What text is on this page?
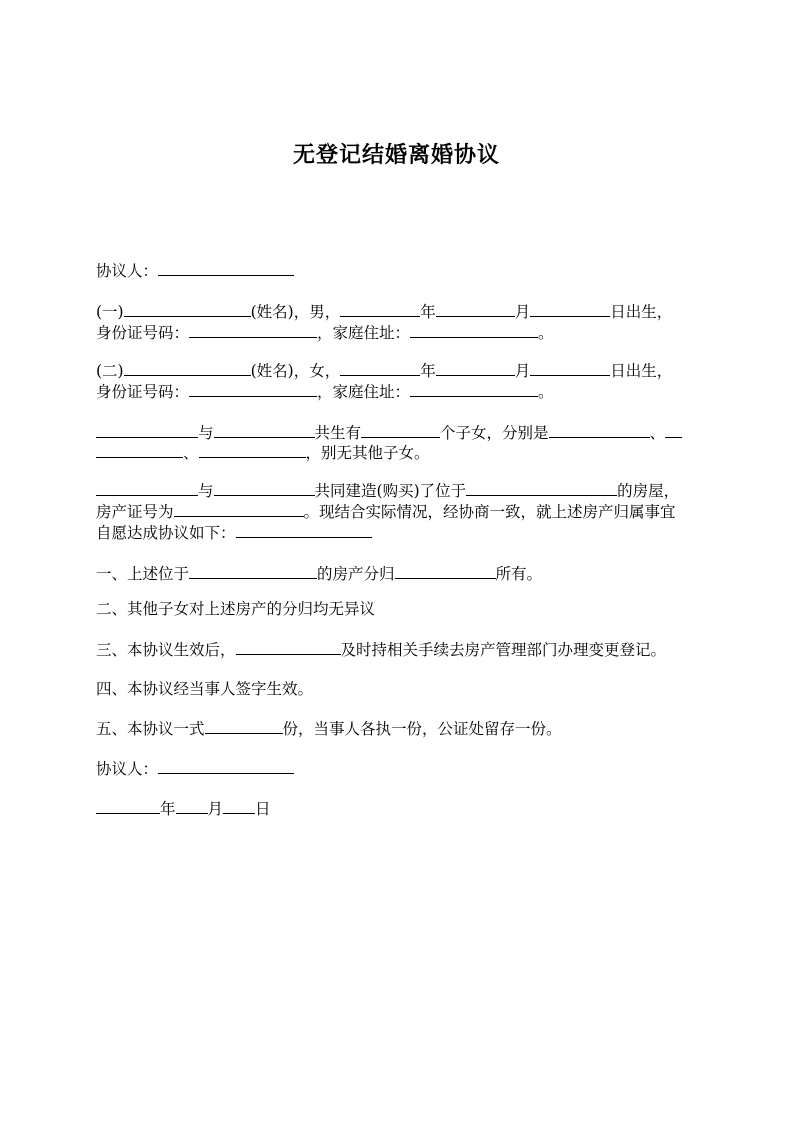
无登记结婚离婚协议
协议人：
(一)	(姓名)，男，	年	月	日出生，
身份证号码：	，家庭住址：	。
(二)	(姓名)，女，	年	月	日出生，
身份证号码：	，家庭住址：	。
与	共生有	个子女，分别是	、
、	，别无其他子女。
与	共同建造(购买)了位于	的房屋，
房产证号为	。现结合实际情况，经协商一致，就上述房产归属事宜
自愿达成协议如下：
一、上述位于	的房产分归	所有。
二、其他子女对上述房产的分归均无异议
三、本协议生效后，	及时持相关手续去房产管理部门办理变更登记。
四、本协议经当事人签字生效。
五、本协议一式	份，当事人各执一份，公证处留存一份。
协议人：
年 月 日
